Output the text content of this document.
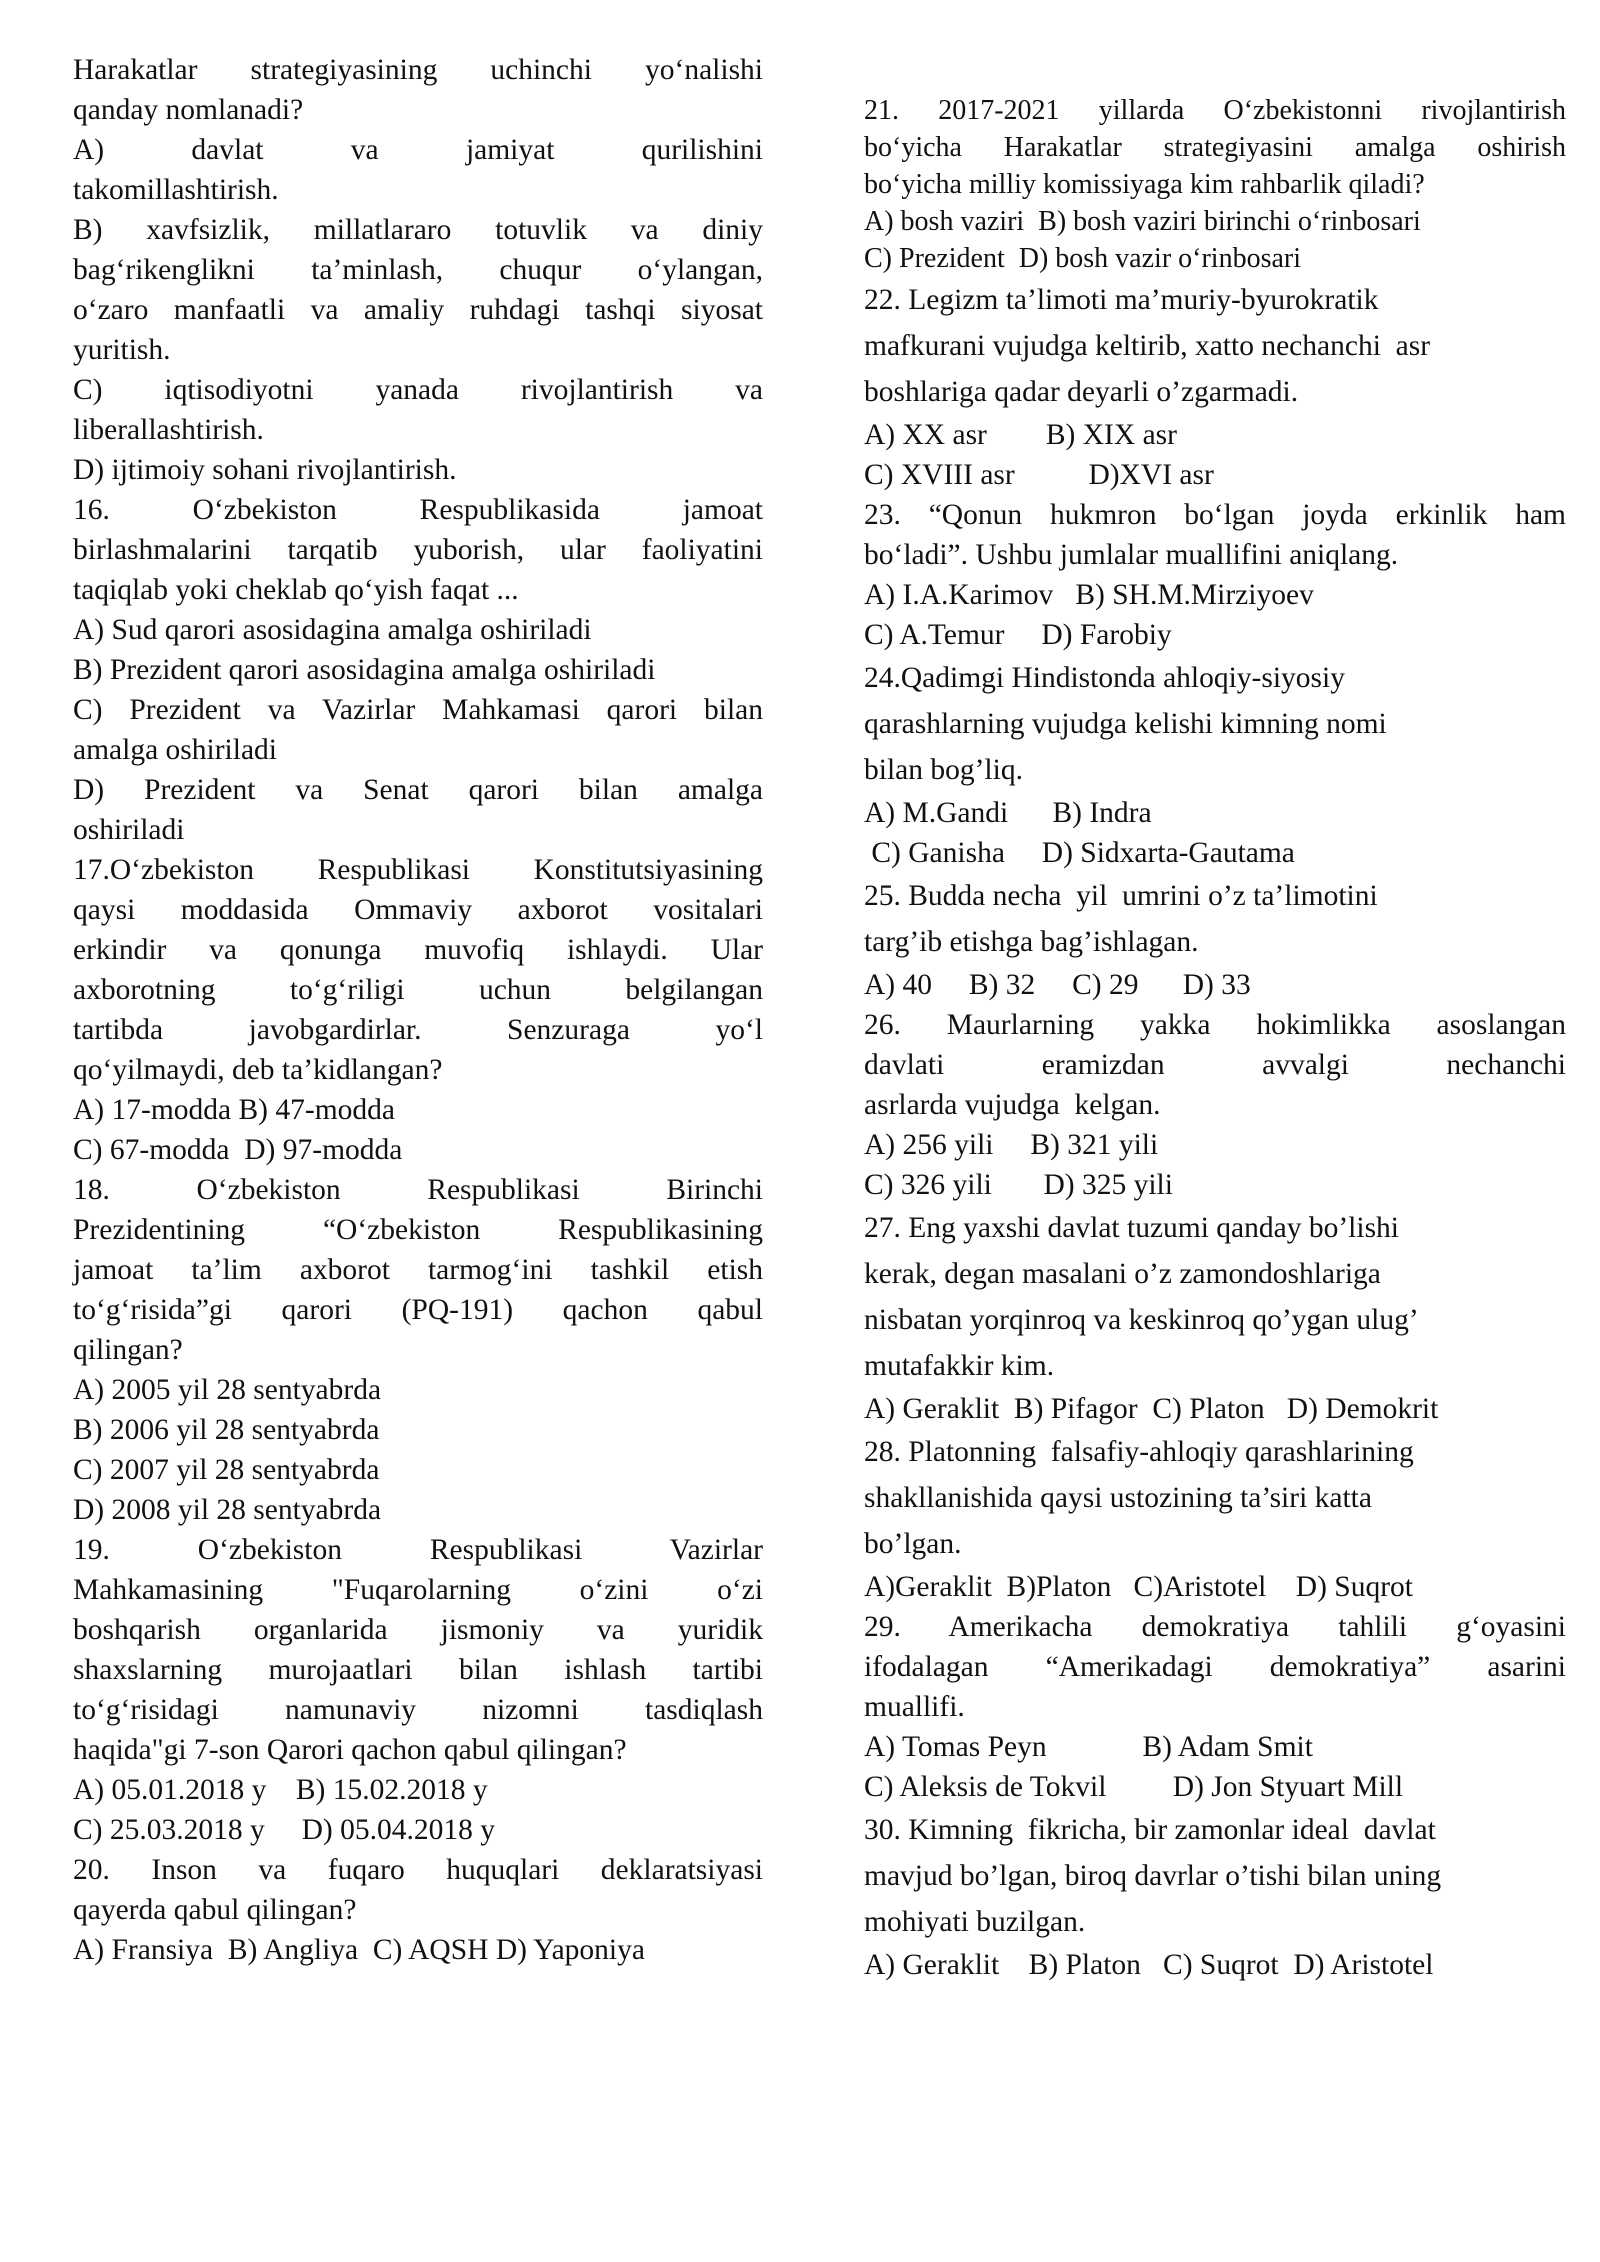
Harakatlar strategiyasining uchinchi yo‘nalishi
qanday nomlanadi?
A) davlat va jamiyat qurilishini
takomillashtirish.
B) xavfsizlik, millatlararo totuvlik va diniy
bag‘rikenglikni ta’minlash, chuqur o‘ylangan,
o‘zaro manfaatli va amaliy ruhdagi tashqi siyosat
yuritish.
C) iqtisodiyotni yanada rivojlantirish va
liberallashtirish.
D) ijtimoiy sohani rivojlantirish.
16. O‘zbekiston Respublikasida jamoat
birlashmalarini tarqatib yuborish, ular faoliyatini
taqiqlab yoki cheklab qo‘yish faqat ...
A) Sud qarori asosidagina amalga oshiriladi
B) Prezident qarori asosidagina amalga oshiriladi
C) Prezident va Vazirlar Mahkamasi qarori bilan
amalga oshiriladi
D) Prezident va Senat qarori bilan amalga
oshiriladi
17.O‘zbekiston Respublikasi Konstitutsiyasining
qaysi moddasida Ommaviy axborot vositalari
erkindir va qonunga muvofiq ishlaydi. Ular
axborotning to‘g‘riligi uchun belgilangan
tartibda javobgardirlar. Senzuraga yo‘l
qo‘yilmaydi, deb ta’kidlangan?
A) 17-modda B) 47-modda
C) 67-modda  D) 97-modda
18. O‘zbekiston Respublikasi Birinchi
Prezidentining “O‘zbekiston Respublikasining
jamoat ta’lim axborot tarmog‘ini tashkil etish
to‘g‘risida”gi qarori (PQ-191) qachon qabul
qilingan?
A) 2005 yil 28 sentyabrda
B) 2006 yil 28 sentyabrda
C) 2007 yil 28 sentyabrda
D) 2008 yil 28 sentyabrda
19. O‘zbekiston Respublikasi Vazirlar
Mahkamasining "Fuqarolarning o‘zini o‘zi
boshqarish organlarida jismoniy va yuridik
shaxslarning murojaatlari bilan ishlash tartibi
to‘g‘risidagi namunaviy nizomni tasdiqlash
haqida"gi 7-son Qarori qachon qabul qilingan?
A) 05.01.2018 y    B) 15.02.2018 y
C) 25.03.2018 y     D) 05.04.2018 y
20. Inson va fuqaro huquqlari deklaratsiyasi
qayerda qabul qilingan?
A) Fransiya  B) Angliya  C) AQSH D) Yaponiya
21. 2017-2021 yillarda O‘zbekistonni rivojlantirish
bo‘yicha Harakatlar strategiyasini amalga oshirish
bo‘yicha milliy komissiyaga kim rahbarlik qiladi?
A) bosh vaziri  B) bosh vaziri birinchi o‘rinbosari
C) Prezident  D) bosh vazir o‘rinbosari
22. Legizm ta’limoti ma’muriy-byurokratik
mafkurani vujudga keltirib, xatto nechanchi  asr
boshlariga qadar deyarli o’zgarmadi.
A) XX asr        B) XIX asr
C) XVIII asr          D)XVI asr
23. “Qonun hukmron bo‘lgan joyda erkinlik ham
bo‘ladi”. Ushbu jumlalar muallifini aniqlang.
A) I.A.Karimov   B) SH.M.Mirziyoev
C) A.Temur     D) Farobiy
24.Qadimgi Hindistonda ahloqiy-siyosiy
qarashlarning vujudga kelishi kimning nomi
bilan bog’liq.
A) M.Gandi      B) Indra
C) Ganisha     D) Sidxarta-Gautama
25. Budda necha  yil  umrini o’z ta’limotini
targ’ib etishga bag’ishlagan.
A) 40     B) 32     C) 29      D) 33
26. Maurlarning yakka hokimlikka asoslangan
davlati eramizdan avvalgi nechanchi
asrlarda vujudga  kelgan.
A) 256 yili     B) 321 yili
C) 326 yili       D) 325 yili
27. Eng yaxshi davlat tuzumi qanday bo’lishi
kerak, degan masalani o’z zamondoshlariga
nisbatan yorqinroq va keskinroq qo’ygan ulug’
mutafakkir kim.
A) Geraklit  B) Pifagor  C) Platon   D) Demokrit
28. Platonning  falsafiy-ahloqiy qarashlarining
shakllanishida qaysi ustozining ta’siri katta
bo’lgan.
A)Geraklit  B)Platon   C)Aristotel    D) Suqrot
29. Amerikacha demokratiya tahlili g‘oyasini
ifodalagan “Amerikadagi demokratiya” asarini
muallifi.
A) Tomas Peyn             B) Adam Smit
C) Aleksis de Tokvil         D) Jon Styuart Mill
30. Kimning  fikricha, bir zamonlar ideal  davlat
mavjud bo’lgan, biroq davrlar o’tishi bilan uning
mohiyati buzilgan.
A) Geraklit    B) Platon   C) Suqrot  D) Aristotel
